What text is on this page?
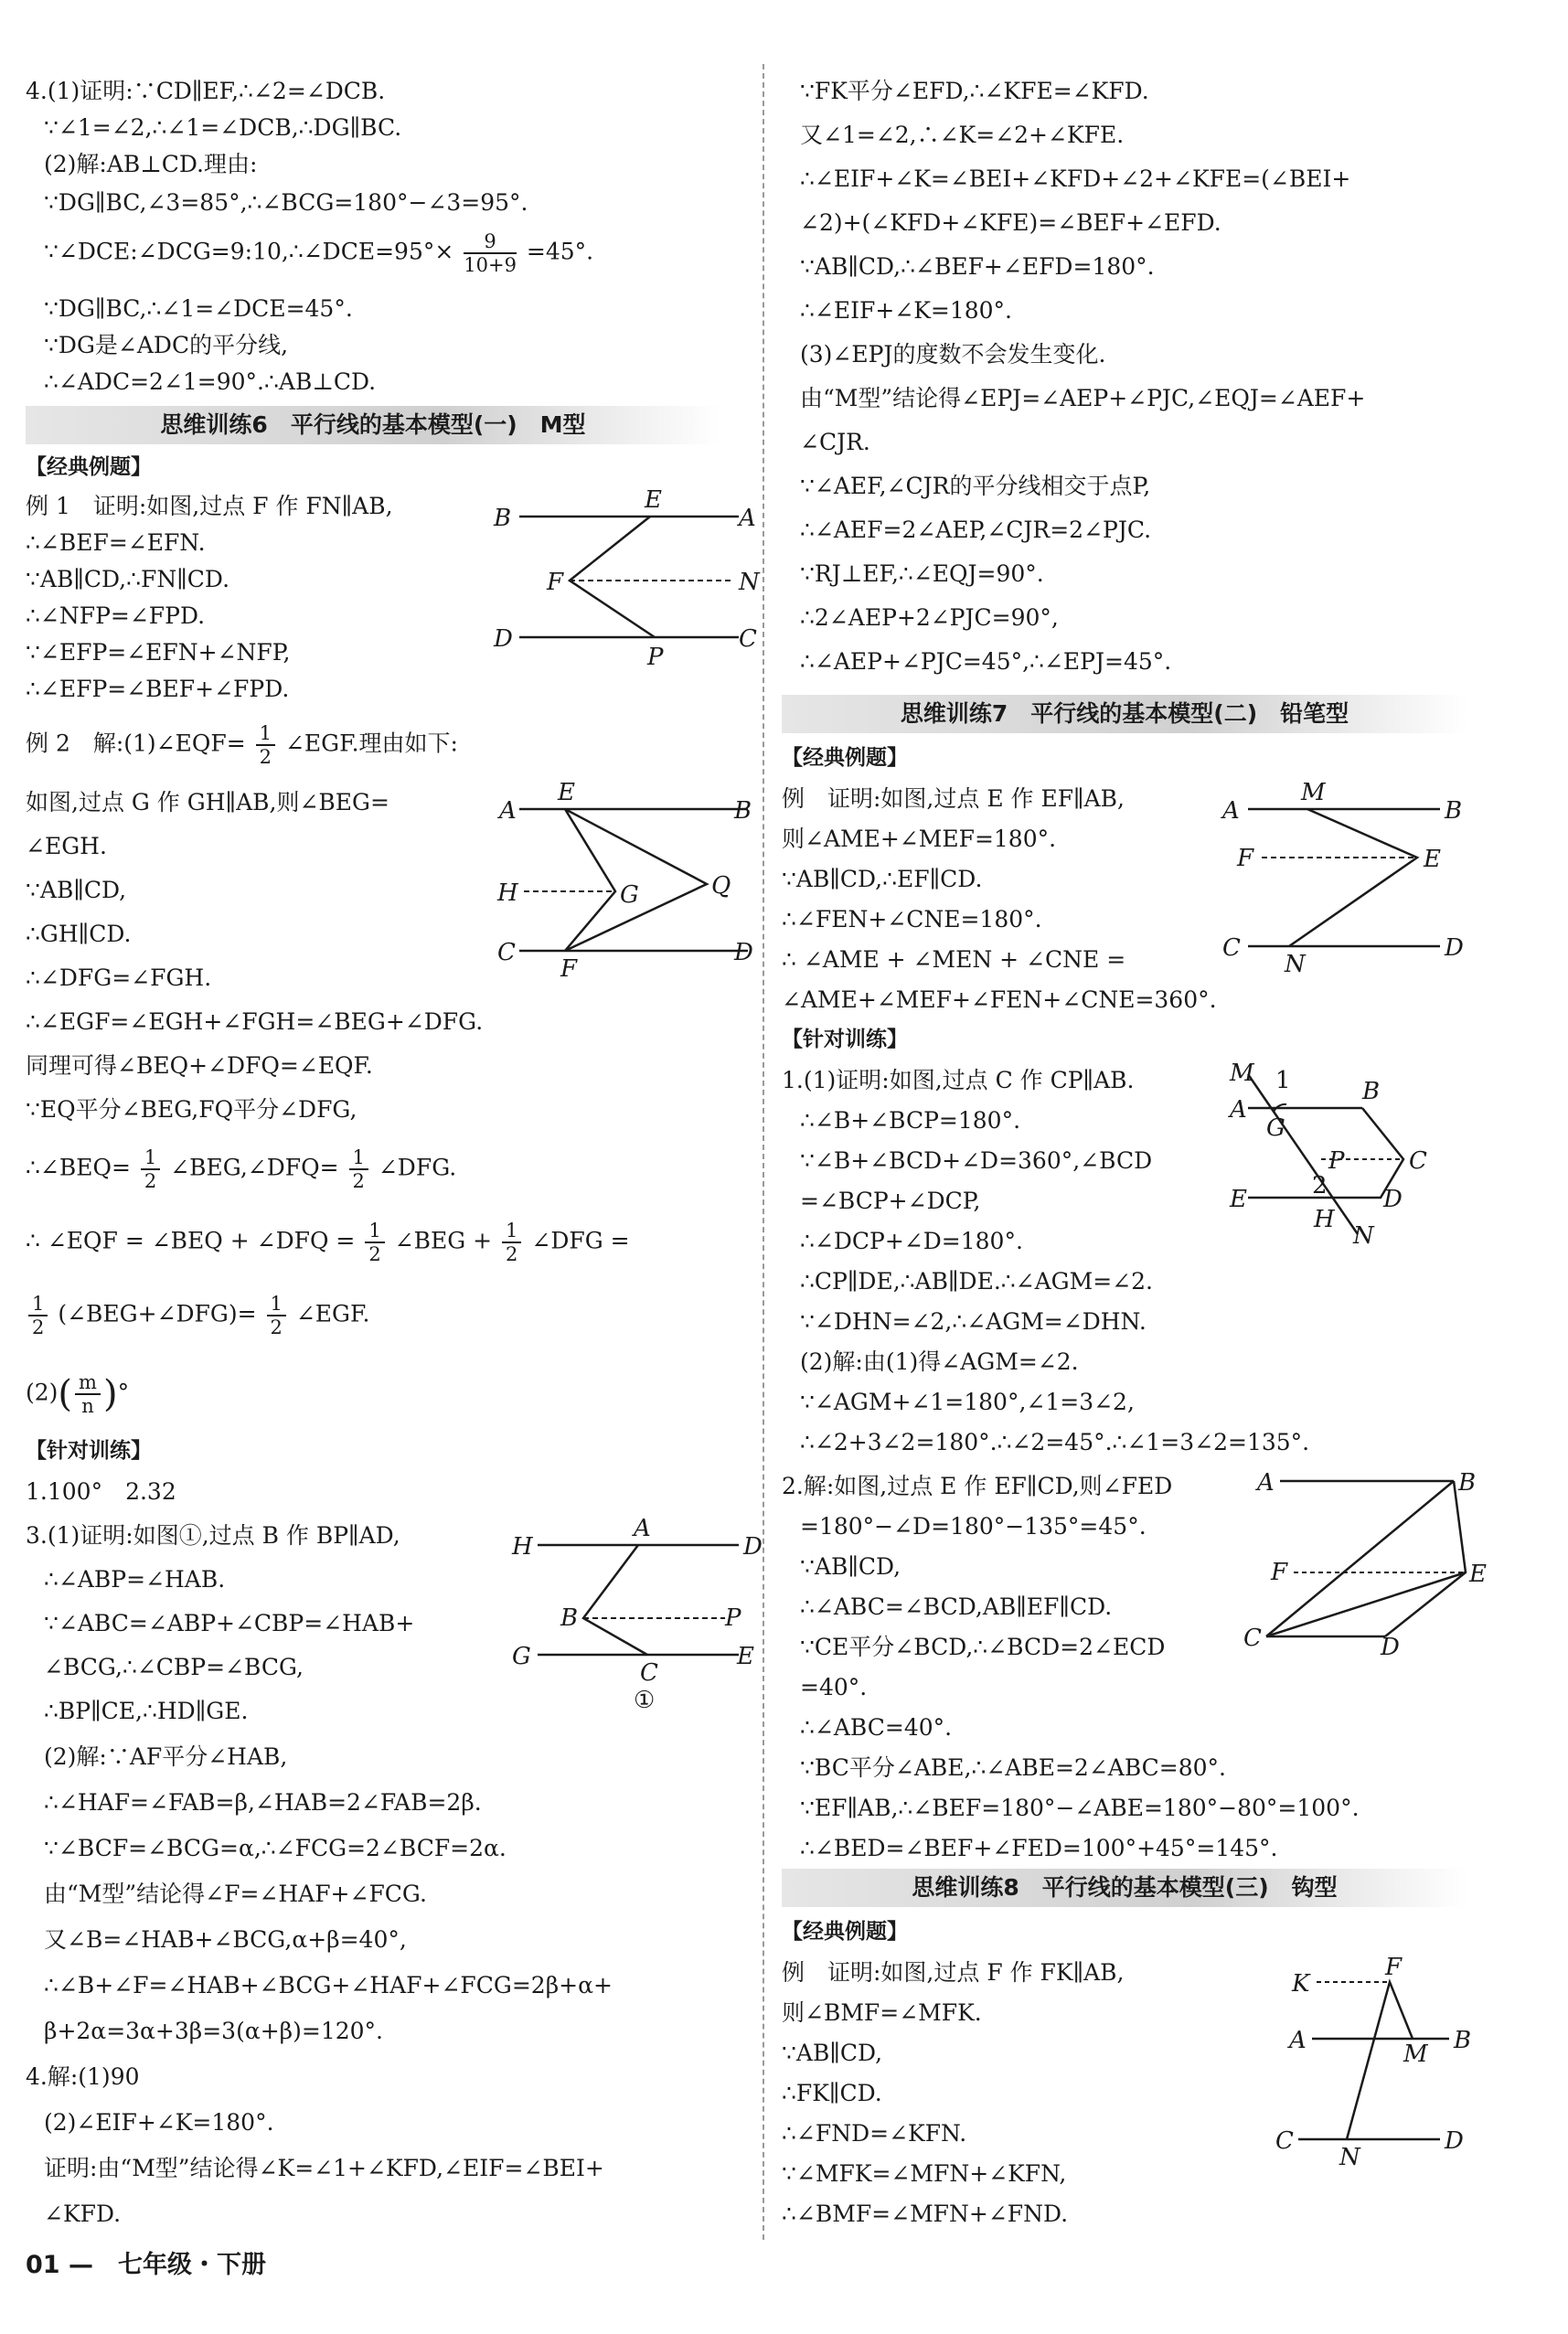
4.(1)证明:∵CD∥EF,∴∠2=∠DCB.
∵∠1=∠2,∴∠1=∠DCB,∴DG∥BC.
(2)解:AB⊥CD.理由:
∵DG∥BC,∠3=85°,∴∠BCG=180°−∠3=95°.
∵∠DCE:∠DCG=9:10,∴∠DCE=95°× $\frac{9}{10+9} =45^\circ$.
∵DG∥BC,∴∠1=∠DCE=45°.
∵DG是∠ADC的平分线,
∴∠ADC=2∠1=90°.∴AB⊥CD.
思维训练6　平行线的基本模型(一)　M型
【经典例题】
例 1　证明:如图,过点 F 作 FN∥AB,
∴∠BEF=∠EFN.
∵AB∥CD,∴FN∥CD.
∴∠NFP=∠FPD.
∵∠EFP=∠EFN+∠NFP,
∴∠EFP=∠BEF+∠FPD.
B
E
A
F	N
D
P
C
例 2　解:(1)∠EQF= $\frac{1}{2}$ ∠EGF.理由如下:
如图,过点 G 作 GH∥AB,则∠BEG=
∠EGH.
∵AB∥CD,
∴GH∥CD.
∴∠DFG=∠FGH.
∴∠EGF=∠EGH+∠FGH=∠BEG+∠DFG.
同理可得∠BEQ+∠DFQ=∠EQF.
∵EQ平分∠BEG,FQ平分∠DFG,
∴∠BEQ= $\frac{1}{2}$ ∠BEG,∠DFQ= $\frac{1}{2}$ ∠DFG.
∴ ∠EQF = ∠BEQ + ∠DFQ = $\frac{1}{2}$ ∠BEG + $\frac{1}{2}$ ∠DFG =
$\frac{1}{2}$ (∠BEG+∠DFG)= $\frac{1}{2}$ ∠EGF.
$(2)( \frac{m}{n}$ )°
E
A	B
H	G	Q
C
F
D
【针对训练】
1.100°　2.32
3.(1)证明:如图①,过点 B 作 BP∥AD,
∴∠ABP=∠HAB.
∵∠ABC=∠ABP+∠CBP=∠HAB+
∠BCG,∴∠CBP=∠BCG,
∴BP∥CE,∴HD∥GE.
(2)解:∵AF平分∠HAB,
∴∠HAF=∠FAB=β,∠HAB=2∠FAB=2β.
∵∠BCF=∠BCG=α,∴∠FCG=2∠BCF=2α.
由“M型”结论得∠F=∠HAF+∠FCG.
又∠B=∠HAB+∠BCG,α+β=40°,
∴∠B+∠F=∠HAB+∠BCG+∠HAF+∠FCG=2β+α+
β+2α=3α+3β=3(α+β)=120°.
H
A
D
B	P
G
C
E
①
4.解:(1)90
(2)∠EIF+∠K=180°.
证明:由“M型”结论得∠K=∠1+∠KFD,∠EIF=∠BEI+
∠KFD.
01 —　七年级・下册
∵FK平分∠EFD,∴∠KFE=∠KFD.
又∠1=∠2,∴∠K=∠2+∠KFE.
∴∠EIF+∠K=∠BEI+∠KFD+∠2+∠KFE=(∠BEI+
∠2)+(∠KFD+∠KFE)=∠BEF+∠EFD.
∵AB∥CD,∴∠BEF+∠EFD=180°.
∴∠EIF+∠K=180°.
(3)∠EPJ的度数不会发生变化.
由“M型”结论得∠EPJ=∠AEP+∠PJC,∠EQJ=∠AEF+
∠CJR.
∵∠AEF,∠CJR的平分线相交于点P,
∴∠AEF=2∠AEP,∠CJR=2∠PJC.
∵RJ⊥EF,∴∠EQJ=90°.
∴2∠AEP+2∠PJC=90°,
∴∠AEP+∠PJC=45°,∴∠EPJ=45°.
思维训练7　平行线的基本模型(二)　铅笔型
【经典例题】
例　证明:如图,过点 E 作 EF∥AB,
则∠AME+∠MEF=180°.
∵AB∥CD,∴EF∥CD.
∴∠FEN+∠CNE=180°.
∴ ∠AME + ∠MEN + ∠CNE =
∠AME+∠MEF+∠FEN+∠CNE=360°.
A
M
B
F	E
C
N
D
【针对训练】
1.(1)证明:如图,过点 C 作 CP∥AB.
∴∠B+∠BCP=180°.
∵∠B+∠BCD+∠D=360°,∠BCD
=∠BCP+∠DCP,
∴∠DCP+∠D=180°.
∴CP∥DE,∴AB∥DE.∴∠AGM=∠2.
∵∠DHN=∠2,∴∠AGM=∠DHN.
(2)解:由(1)得∠AGM=∠2.
∵∠AGM+∠1=180°,∠1=3∠2,
∴∠2+3∠2=180°.∴∠2=45°.∴∠1=3∠2=135°.
M 1
A
G
B
P	C
E	2 D
H
N
2.解:如图,过点 E 作 EF∥CD,则∠FED
=180°−∠D=180°−135°=45°.
∵AB∥CD,
∴∠ABC=∠BCD,AB∥EF∥CD.
∵CE平分∠BCD,∴∠BCD=2∠ECD
=40°.
∴∠ABC=40°.
∵BC平分∠ABE,∴∠ABE=2∠ABC=80°.
∵EF∥AB,∴∠BEF=180°−∠ABE=180°−80°=100°.
∴∠BED=∠BEF+∠FED=100°+45°=145°.
A	B
F	E
C	D
思维训练8　平行线的基本模型(三)　钩型
【经典例题】
例　证明:如图,过点 F 作 FK∥AB,
则∠BMF=∠MFK.
∵AB∥CD,
∴FK∥CD.
∴∠FND=∠KFN.
∵∠MFK=∠MFN+∠KFN,
∴∠BMF=∠MFN+∠FND.
K
F
A	M B
C
N
D
